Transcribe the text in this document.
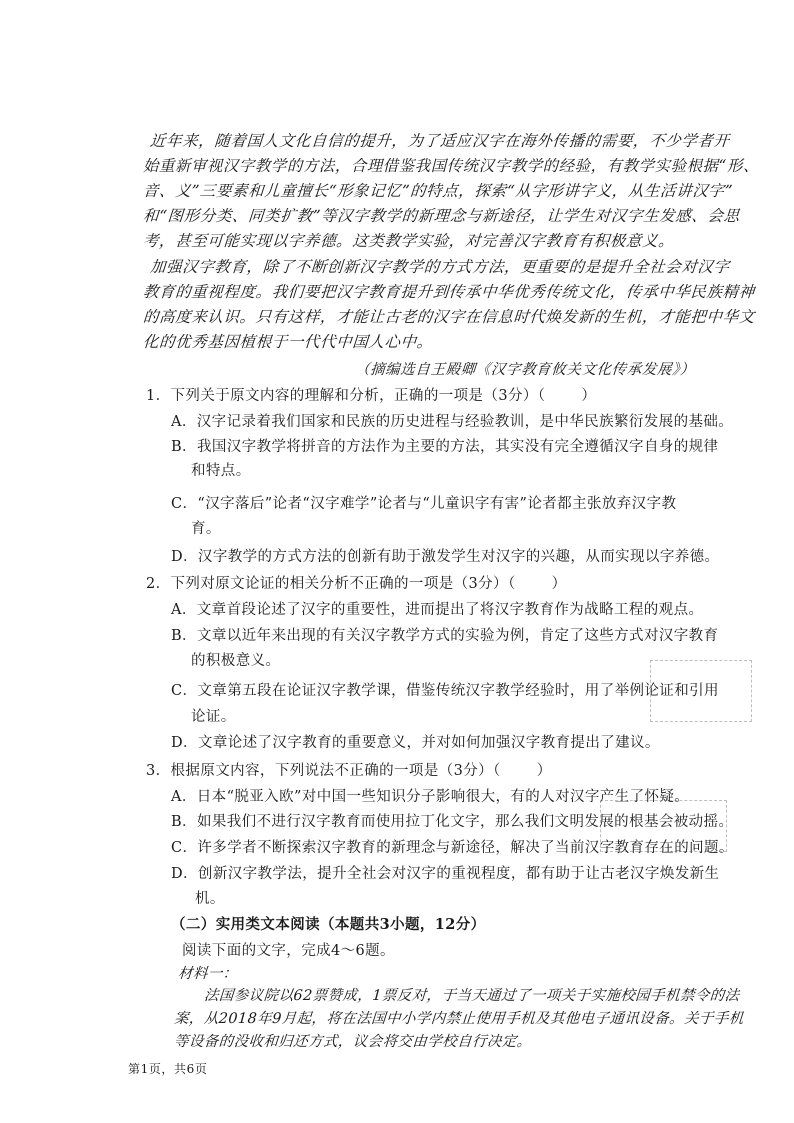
近年来，随着国人文化自信的提升，为了适应汉字在海外传播的需要，不少学者开
始重新审视汉字教学的方法，合理借鉴我国传统汉字教学的经验，有教学实验根据“形、
音、义”三要素和儿童擅长“形象记忆”的特点，探索“从字形讲字义，从生活讲汉字”
和“图形分类、同类扩教”等汉字教学的新理念与新途径，让学生对汉字生发感、会思
考，甚至可能实现以字养德。这类教学实验，对完善汉字教育有积极意义。
加强汉字教育，除了不断创新汉字教学的方式方法，更重要的是提升全社会对汉字
教育的重视程度。我们要把汉字教育提升到传承中华优秀传统文化，传承中华民族精神
的高度来认识。只有这样，才能让古老的汉字在信息时代焕发新的生机，才能把中华文
化的优秀基因植根于一代代中国人心中。
（摘编选自王殿卿《汉字教育攸关文化传承发展》）
1．下列关于原文内容的理解和分析，正确的一项是（3分）（ ）
A．汉字记录着我们国家和民族的历史进程与经验教训，是中华民族繁衍发展的基础。
B．我国汉字教学将拼音的方法作为主要的方法，其实没有完全遵循汉字自身的规律
和特点。
C．“汉字落后”论者“汉字难学”论者与“儿童识字有害”论者都主张放弃汉字教
育。
D．汉字教学的方式方法的创新有助于激发学生对汉字的兴趣，从而实现以字养德。
2．下列对原文论证的相关分析不正确的一项是（3分）（ ）
A．文章首段论述了汉字的重要性，进而提出了将汉字教育作为战略工程的观点。
B．文章以近年来出现的有关汉字教学方式的实验为例，肯定了这些方式对汉字教育
的积极意义。
C．文章第五段在论证汉字教学课，借鉴传统汉字教学经验时，用了举例论证和引用
论证。
D．文章论述了汉字教育的重要意义，并对如何加强汉字教育提出了建议。
3．根据原文内容，下列说法不正确的一项是（3分）（ ）
A．日本“脱亚入欧”对中国一些知识分子影响很大，有的人对汉字产生了怀疑。
B．如果我们不进行汉字教育而使用拉丁化文字，那么我们文明发展的根基会被动摇。
C．许多学者不断探索汉字教育的新理念与新途径，解决了当前汉字教育存在的问题。
D．创新汉字教学法，提升全社会对汉字的重视程度，都有助于让古老汉字焕发新生
机。
（二）实用类文本阅读（本题共3小题，12分）
阅读下面的文字，完成4～6题。
材料一：
法国参议院以62票赞成，1票反对，于当天通过了一项关于实施校园手机禁令的法
案，从2018年9月起，将在法国中小学内禁止使用手机及其他电子通讯设备。关于手机
等设备的没收和归还方式，议会将交由学校自行决定。
第1页，共6页
